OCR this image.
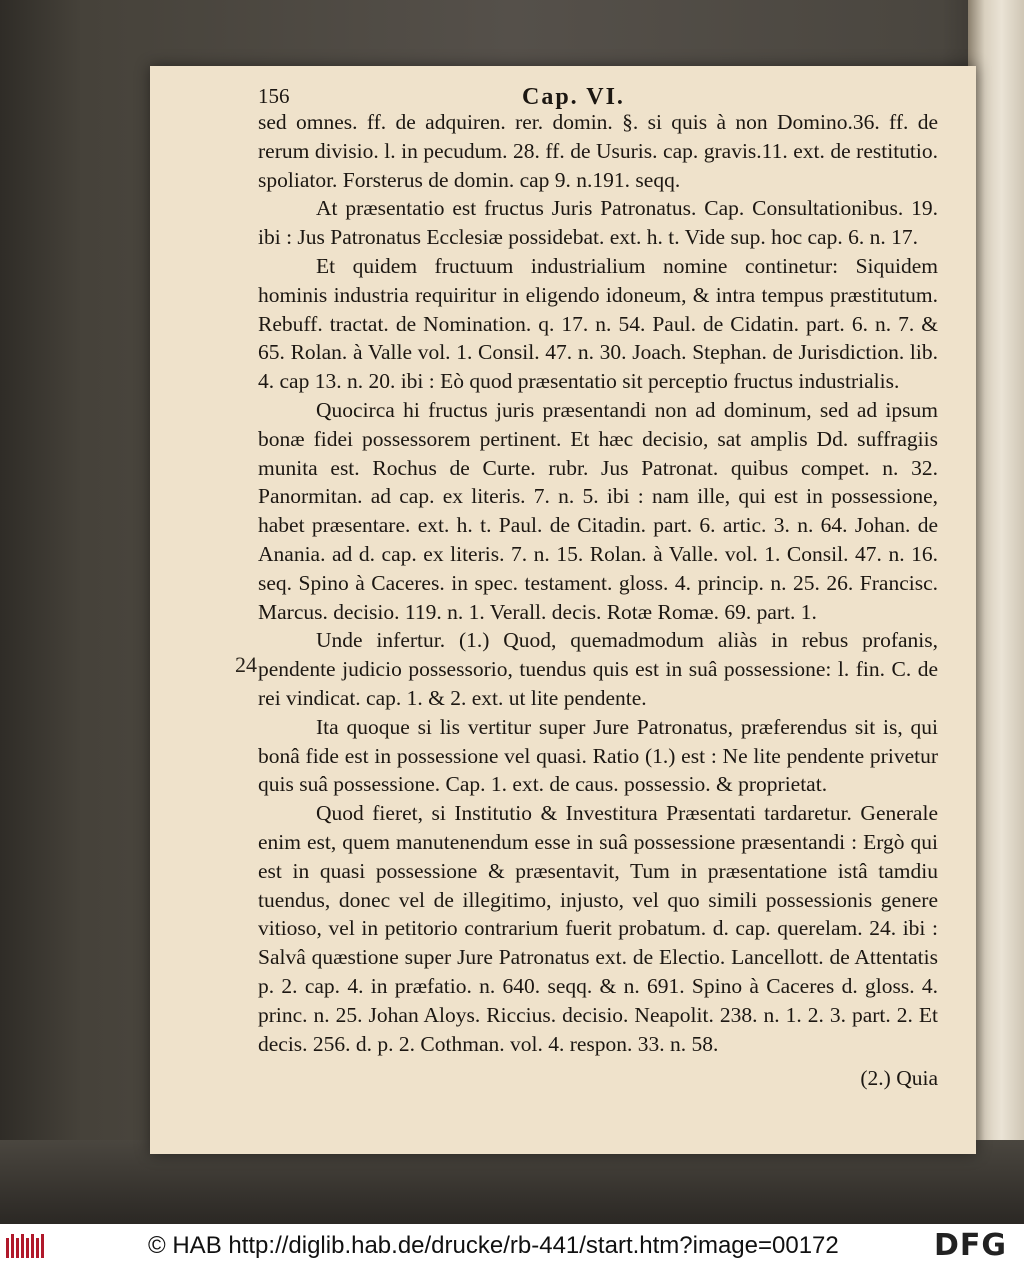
156	Cap. VI.
24

sed omnes. ff. de adquiren. rer. domin. §. si quis à non Domino.36. ff. de rerum divisio. l. in pecudum. 28. ff. de Usuris. cap. gravis.11. ext. de restitutio. spoliator. Forsterus de domin. cap 9. n.191. seqq.

At præsentatio est fructus Juris Patronatus. Cap. Consultationibus. 19. ibi : Jus Patronatus Ecclesiæ possidebat. ext. h. t. Vide sup. hoc cap. 6. n. 17.

Et quidem fructuum industrialium nomine continetur: Siquidem hominis industria requiritur in eligendo idoneum, & intra tempus præstitutum. Rebuff. tractat. de Nomination. q. 17. n. 54. Paul. de Cidatin. part. 6. n. 7. & 65. Rolan. à Valle vol. 1. Consil. 47. n. 30. Joach. Stephan. de Jurisdiction. lib. 4. cap 13. n. 20. ibi : Eò quod præsentatio sit perceptio fructus industrialis.

Quocirca hi fructus juris præsentandi non ad dominum, sed ad ipsum bonæ fidei possessorem pertinent. Et hæc decisio, sat amplis Dd. suffragiis munita est. Rochus de Curte. rubr. Jus Patronat. quibus compet. n. 32. Panormitan. ad cap. ex literis. 7. n. 5. ibi : nam ille, qui est in possessione, habet præsentare. ext. h. t. Paul. de Citadin. part. 6. artic. 3. n. 64. Johan. de Anania. ad d. cap. ex literis. 7. n. 15. Rolan. à Valle. vol. 1. Consil. 47. n. 16. seq. Spino à Caceres. in spec. testament. gloss. 4. princip. n. 25. 26. Francisc. Marcus. decisio. 119. n. 1. Verall. decis. Rotæ Romæ. 69. part. 1.

Unde infertur. (1.) Quod, quemadmodum aliàs in rebus profanis, pendente judicio possessorio, tuendus quis est in suâ possessione: l. fin. C. de rei vindicat. cap. 1. & 2. ext. ut lite pendente.

Ita quoque si lis vertitur super Jure Patronatus, præferendus sit is, qui bonâ fide est in possessione vel quasi. Ratio (1.) est : Ne lite pendente privetur quis suâ possessione. Cap. 1. ext. de caus. possessio. & proprietat.

Quod fieret, si Institutio & Investitura Præsentati tardaretur. Generale enim est, quem manutenendum esse in suâ possessione præsentandi : Ergò qui est in quasi possessione & præsentavit, Tum in præsentatione istâ tamdiu tuendus, donec vel de illegitimo, injusto, vel quo simili possessionis genere vitioso, vel in petitorio contrarium fuerit probatum. d. cap. querelam. 24. ibi : Salvâ quæstione super Jure Patronatus ext. de Electio. Lancellott. de Attentatis p. 2. cap. 4. in præfatio. n. 640. seqq. & n. 691. Spino à Caceres d. gloss. 4. princ. n. 25. Johan Aloys. Riccius. decisio. Neapolit. 238. n. 1. 2. 3. part. 2. Et decis. 256. d. p. 2. Cothman. vol. 4. respon. 33. n. 58.

(2.) Quia

© HAB http://diglib.hab.de/drucke/rb-441/start.htm?image=00172	DFG
